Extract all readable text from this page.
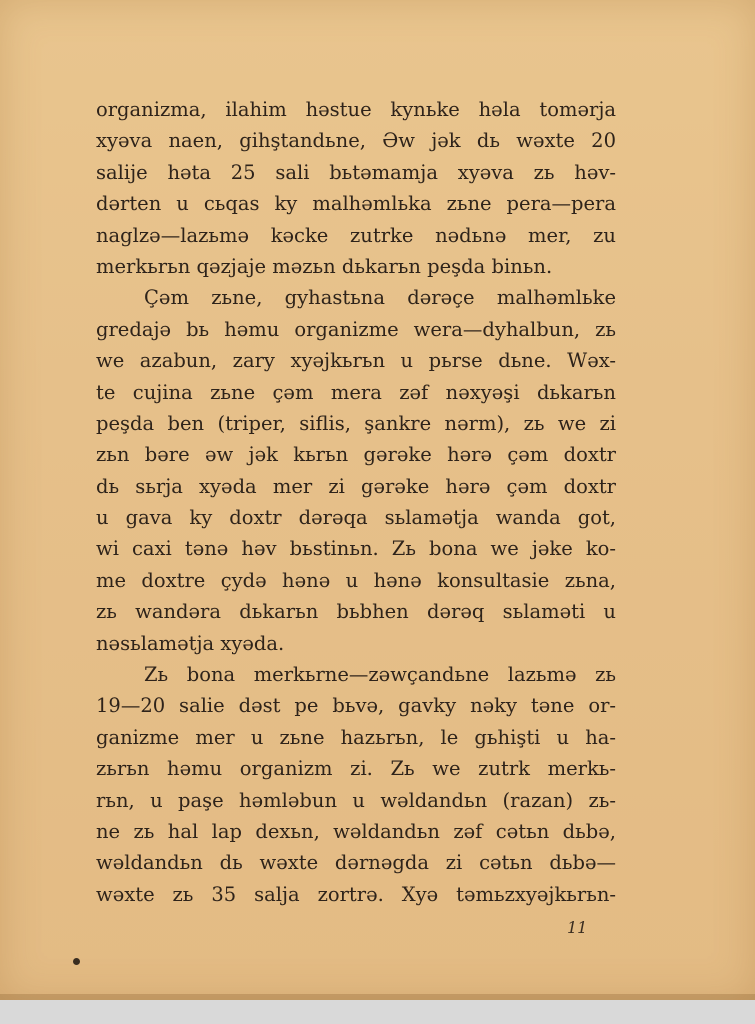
organizma, ilahim həstue kynьke həla tomərja
xyəva naen, gihştandьne, Əw jək dь wəxte 20
salije həta 25 salі bьtəmamja xyəva zь hәv-
dərten u cьqas ky malhəmlьka zьne pera—pera
naglzə—lazьmə kәcke zutrke nədьnə mer, zu
merkьrьn qəzjaje məzьn dьkarьn peşda binьn.
Çəm zьne, gyhastьna dərəçe malhəmlьke
gredajə bь həmu organizme wera—dyhalbun, zь
we azabun, zary xyəjkьrьn u pьrse dьne. Wəx-
te cujina zьne çəm mera zəf nəxyəşi dьkarьn
peşda ben (triper, siflis, şankre nərm), zь we zi
zьn bəre əw jək kьrьn gərəke hərə çəm doxtr
dь sьrja xyəda mer zi gərəke hərə çəm doxtr
u gava ky doxtr dərəqa sьlamətja wanda got,
wi caxi tənə həv bьstinьn. Zь bona we jəke ko-
me doxtre çydə hənə u hənə konsultasie zьna,
zь wandəra dьkarьn bьbhen dərəq sьlaməti u
nəsьlamətja xyəda.
Zь bona merkьrne—zəwçandьne lazьmə zь
19—20 salie dəst pe bьvə, gavky nəky tənе or-
ganizme mer u zьne hazьrьn, le gьhişti u ha-
zьrьn həmu organizm zi. Zь we zutrk merkь-
rьn, u paşe həmləbun u wəldandьn (razan) zь-
ne zь hal lap dexьn, wəldandьn zəf cətьn dьbə,
wəldandьn dь wəxte dərnəgda zi cətьn dьbə—
wəxte zь 35 salja zortrə. Xyə təmьzxyəjkьrьn-
11
